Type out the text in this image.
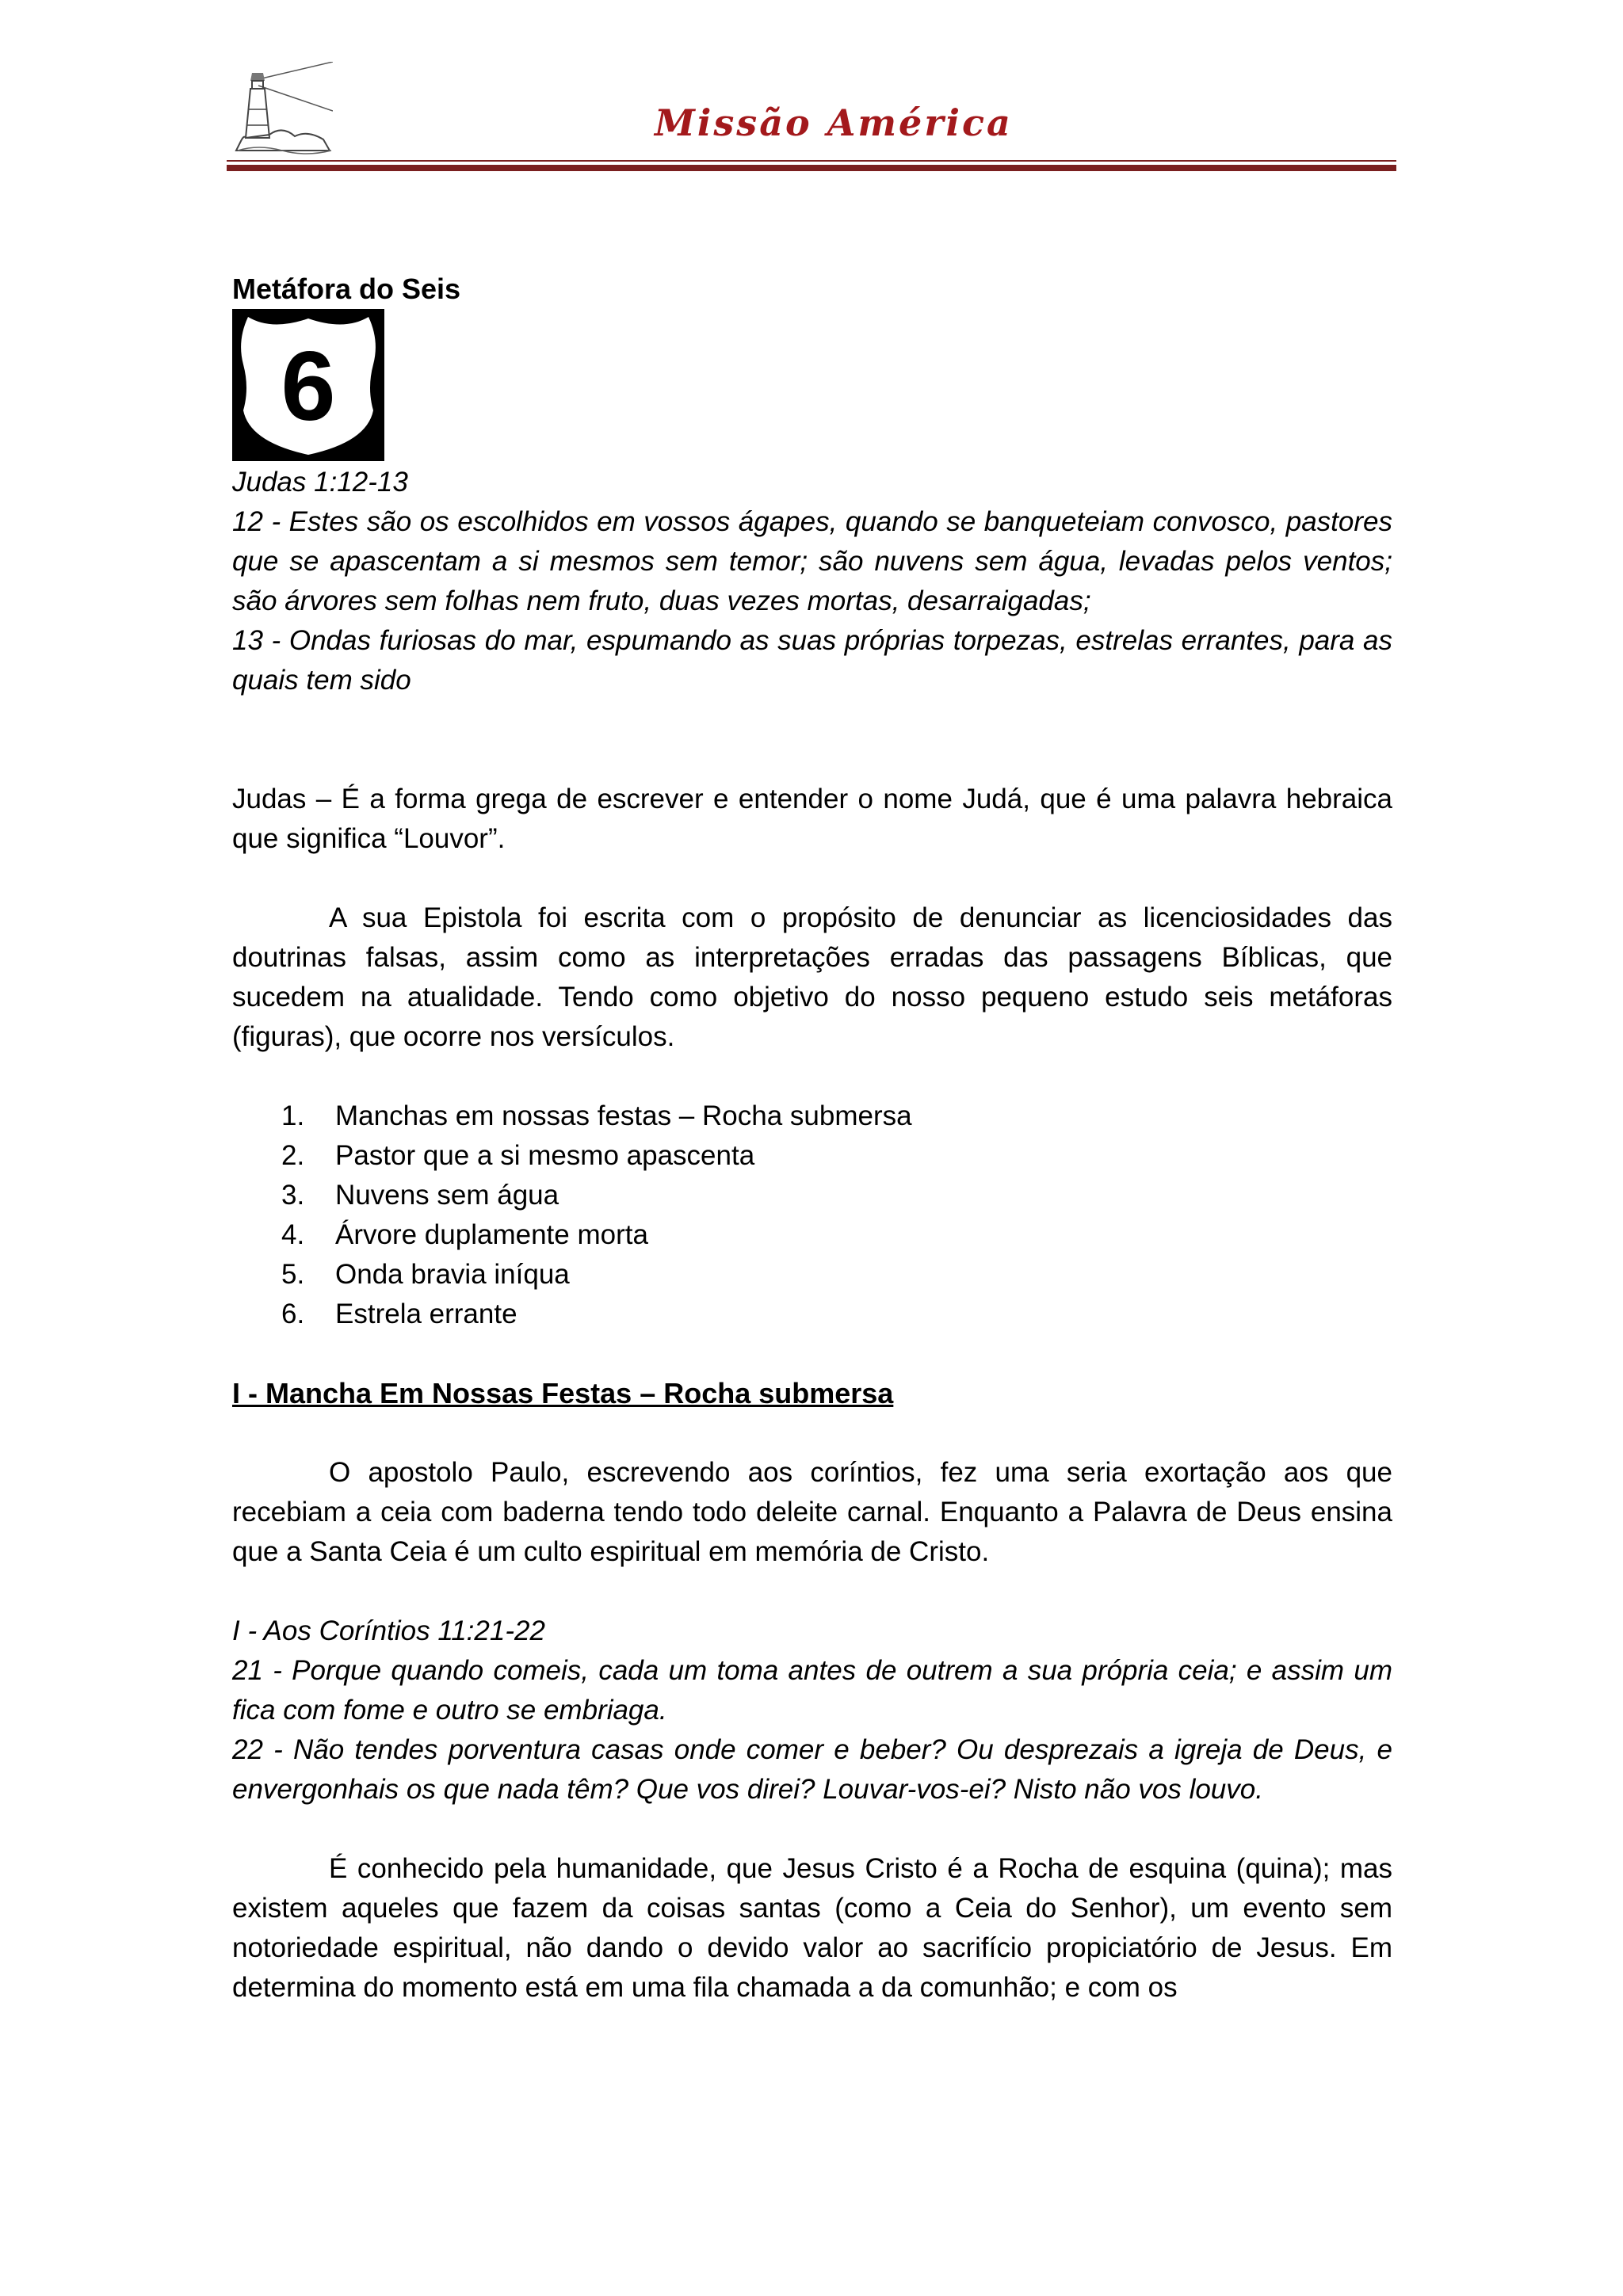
Missão América

Metáfora do Seis

6

Judas 1:12-13

12 - Estes são os escolhidos em vossos ágapes, quando se banqueteiam convosco, pastores que se apascentam a si mesmos sem temor; são nuvens sem água, levadas pelos ventos; são árvores sem folhas nem fruto, duas vezes mortas, desarraigadas;

13 - Ondas furiosas do mar, espumando as suas próprias torpezas, estrelas errantes, para as quais tem sido

Judas – É a forma grega de escrever e entender o nome Judá, que é uma palavra hebraica que significa “Louvor”.

A sua Epistola foi escrita com o propósito de denunciar as licenciosidades das doutrinas falsas, assim como as interpretações erradas das passagens Bíblicas, que sucedem na atualidade. Tendo como objetivo do nosso pequeno estudo seis metáforas (figuras), que ocorre nos versículos.

1. Manchas em nossas festas – Rocha submersa
2. Pastor que a si mesmo apascenta
3. Nuvens sem água
4. Árvore duplamente morta
5. Onda bravia iníqua
6. Estrela errante

I - Mancha Em Nossas Festas – Rocha submersa

O apostolo Paulo, escrevendo aos coríntios, fez uma seria exortação aos que recebiam a ceia com baderna tendo todo deleite carnal. Enquanto a Palavra de Deus ensina que a Santa Ceia é um culto espiritual em memória de Cristo.

I - Aos Coríntios 11:21-22

21 - Porque quando comeis, cada um toma antes de outrem a sua própria ceia; e assim um fica com fome e outro se embriaga.

22 - Não tendes porventura casas onde comer e beber? Ou desprezais a igreja de Deus, e envergonhais os que nada têm? Que vos direi? Louvar-vos-ei? Nisto não vos louvo.

É conhecido pela humanidade, que Jesus Cristo é a Rocha de esquina (quina); mas existem aqueles que fazem da coisas santas (como a Ceia do Senhor), um evento sem notoriedade espiritual, não dando o devido valor ao sacrifício propiciatório de Jesus. Em determina do momento está em uma fila chamada a da comunhão; e com os
